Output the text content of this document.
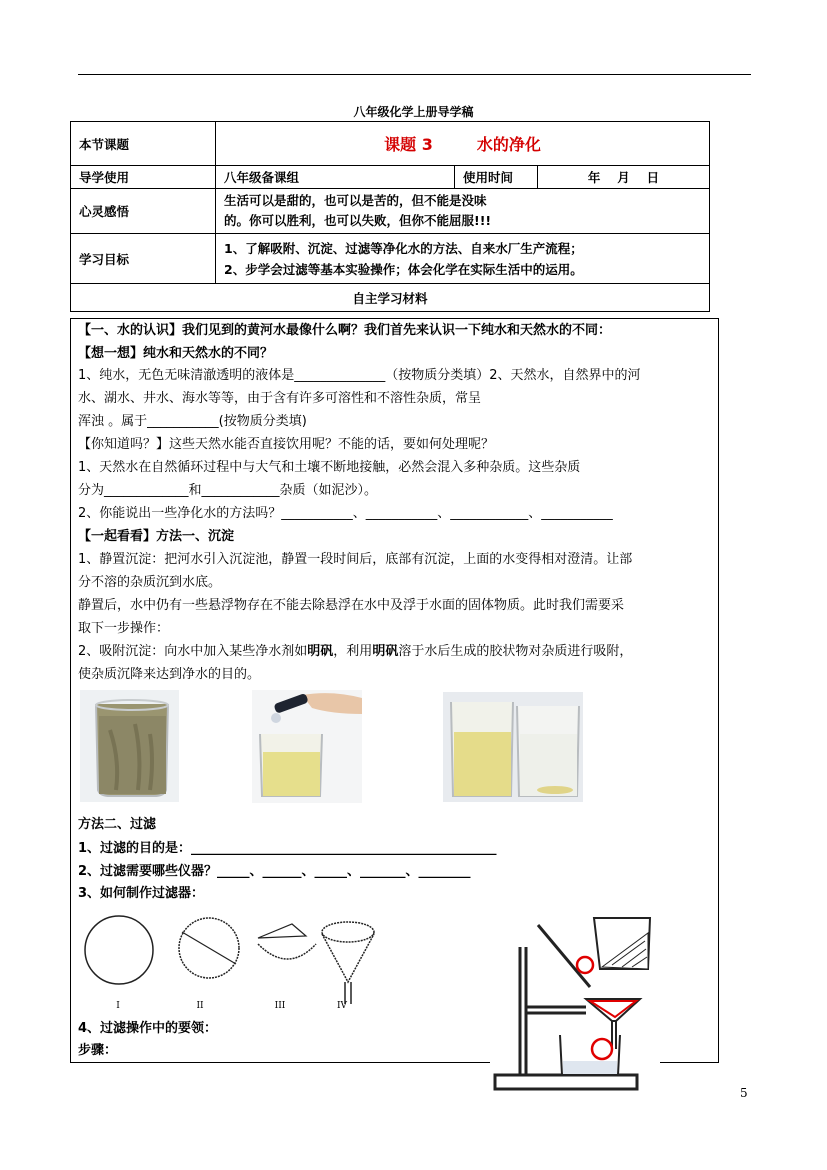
八年级化学上册导学稿
本节课题	课题 3 水的净化		
导学使用	八年级备课组	使用时间	年　 月　 日
心灵感悟	生活可以是甜的，也可以是苦的，但不能是没味
的。你可以胜利，也可以失败，但你不能屈服!!!		

学习目标	1、了解吸附、沉淀、过滤等净化水的方法、自来水厂生产流程；
2、步学会过滤等基本实验操作；体会化学在实际生活中的运用。		

自主学习材料			
【一、水的认识】我们见到的黄河水最像什么啊？我们首先来认识一下纯水和天然水的不同：
【想一想】纯水和天然水的不同？
1、纯水，无色无味清澈透明的液体是______________（按物质分类填）2、天然水，自然界中的河
水、湖水、井水、海水等等，由于含有许多可溶性和不溶性杂质，常呈
浑浊 。属于___________(按物质分类填)
【你知道吗？】这些天然水能否直接饮用呢？不能的话，要如何处理呢？
1、天然水在自然循环过程中与大气和土壤不断地接触，必然会混入多种杂质。这些杂质
分为_____________和____________杂质（如泥沙）。
2、你能说出一些净化水的方法吗？___________、___________、____________、___________
【一起看看】方法一、沉淀
1、静置沉淀：把河水引入沉淀池，静置一段时间后，底部有沉淀，上面的水变得相对澄清。让部
分不溶的杂质沉到水底。
静置后，水中仍有一些悬浮物存在不能去除悬浮在水中及浮于水面的固体物质。此时我们需要采
取下一步操作：
2、吸附沉淀：向水中加入某些净水剂如明矾，利用明矾溶于水后生成的胶状物对杂质进行吸附，
使杂质沉降来达到净水的目的。
方法二、过滤
1、过滤的目的是：_______________________________________________
2、过滤需要哪些仪器？_____、______、_____、_______、________
3、如何制作过滤器：
I	II	III	IV
4、过滤操作中的要领：
步骤：
5
